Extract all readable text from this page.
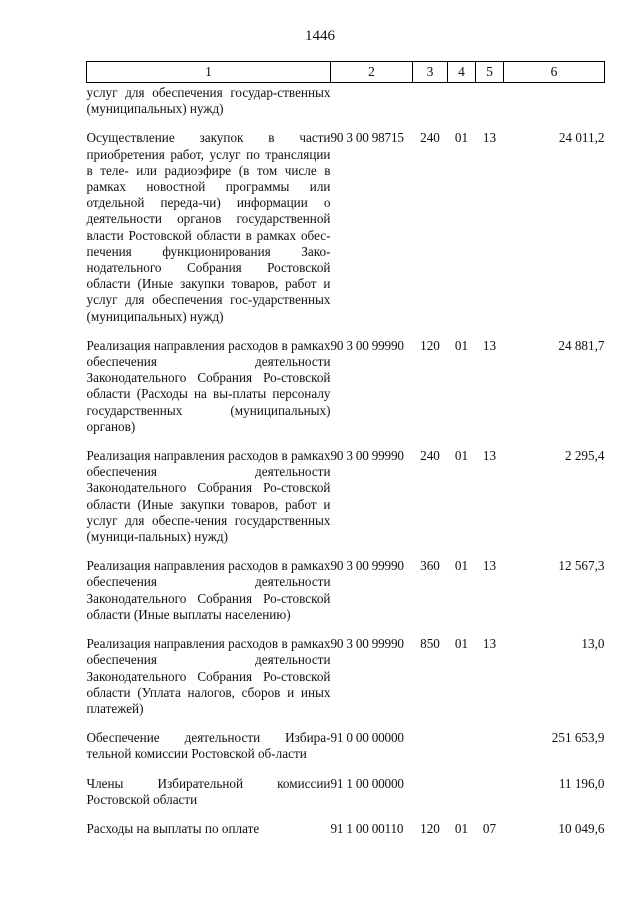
1446
1	2	3	4	5	6
услуг для обеспечения государ-ственных (муниципальных) нужд)					
Осуществление закупок в части приобретения работ, услуг по трансляции в теле- или радиоэфире (в том числе в рамках новостной программы или отдельной переда-чи) информации о деятельности органов государственной власти Ростовской области в рамках обес-печения функционирования Зако-нодательного Собрания Ростовской области (Иные закупки товаров, работ и услуг для обеспечения гос-ударственных (муниципальных) нужд)	90 3 00 98715	240	01	13	24 011,2
Реализация направления расходов в рамках обеспечения деятельности Законодательного Собрания Ро-стовской области (Расходы на вы-платы персоналу государственных (муниципальных) органов)	90 3 00 99990	120	01	13	24 881,7
Реализация направления расходов в рамках обеспечения деятельности Законодательного Собрания Ро-стовской области (Иные закупки товаров, работ и услуг для обеспе-чения государственных (муници-пальных) нужд)	90 3 00 99990	240	01	13	2 295,4
Реализация направления расходов в рамках обеспечения деятельности Законодательного Собрания Ро-стовской области (Иные выплаты населению)	90 3 00 99990	360	01	13	12 567,3
Реализация направления расходов в рамках обеспечения деятельности Законодательного Собрания Ро-стовской области (Уплата налогов, сборов и иных платежей)	90 3 00 99990	850	01	13	13,0
Обеспечение деятельности Избира-тельной комиссии Ростовской об-ласти	91 0 00 00000				251 653,9
Члены Избирательной комиссии Ростовской области	91 1 00 00000				11 196,0
Расходы на выплаты по оплате	91 1 00 00110	120	01	07	10 049,6
